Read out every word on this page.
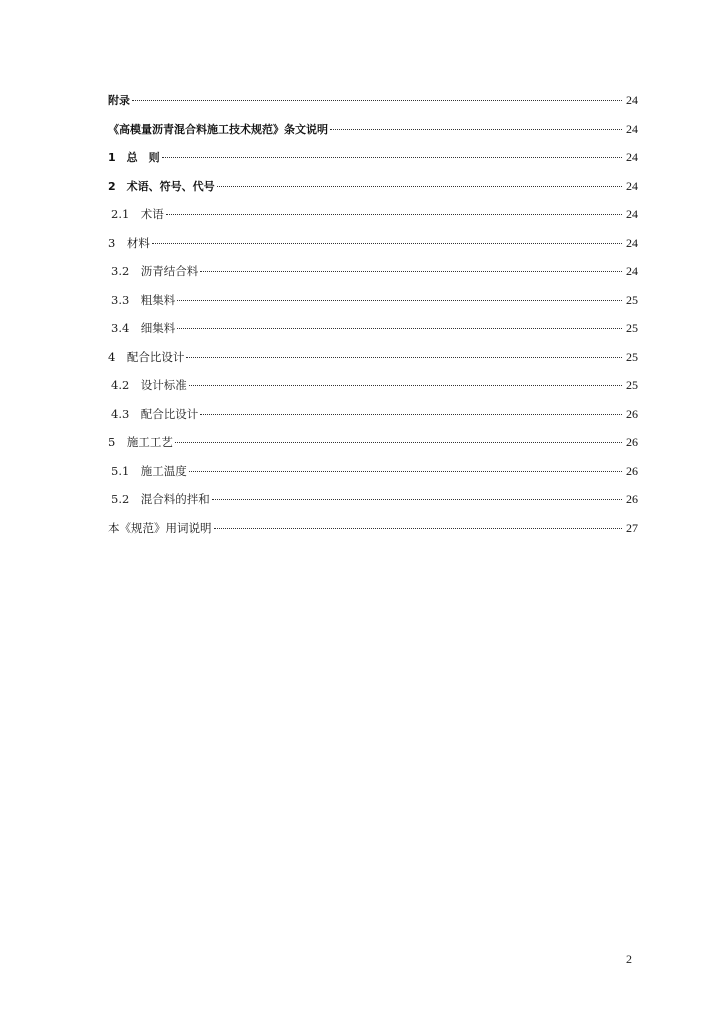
附录	24
《高模量沥青混合料施工技术规范》条文说明	24
1　总　则	24
2　术语、符号、代号	24
2.1　术语	24
3　材料	24
3.2　沥青结合料	24
3.3　粗集料	25
3.4　细集料	25
4　配合比设计	25
4.2　设计标准	25
4.3　配合比设计	26
5　施工工艺	26
5.1　施工温度	26
5.2　混合料的拌和	26
本《规范》用词说明	27
2
